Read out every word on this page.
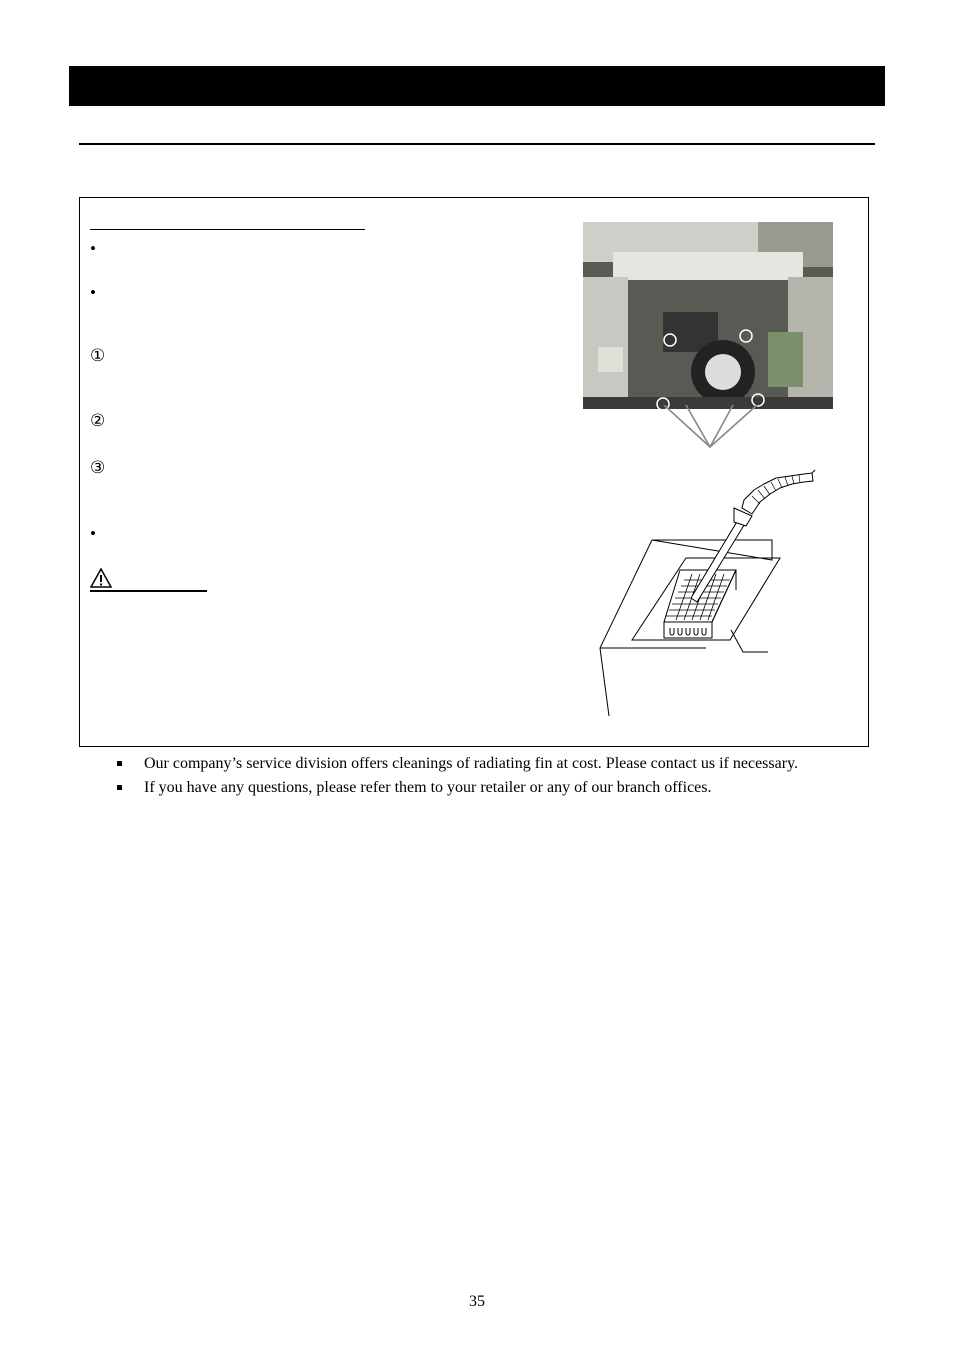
•
•
①
②
③
•
Our company’s service division offers cleanings of radiating fin at cost. Please contact us if necessary.
If you have any questions, please refer them to your retailer or any of our branch offices.
35
